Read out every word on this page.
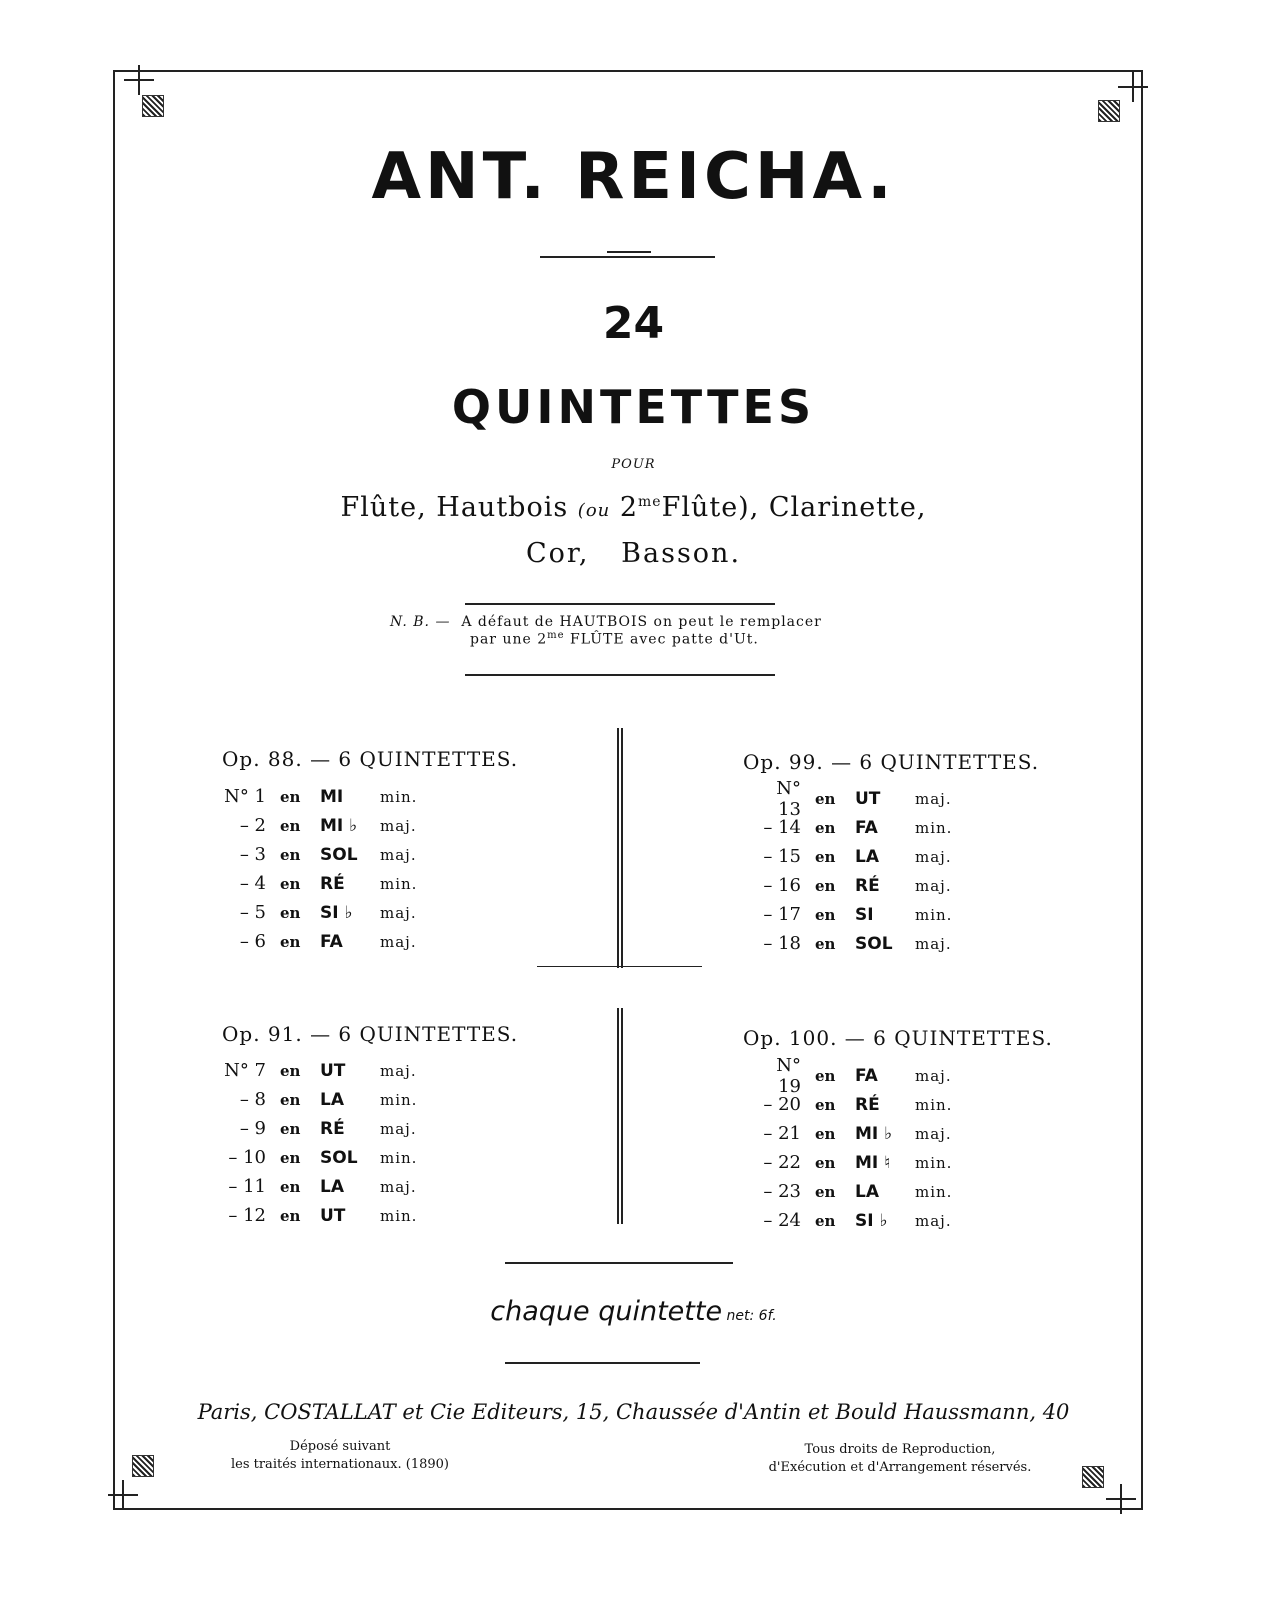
ANT. REICHA.
24
QUINTETTES
POUR
Flûte, Hautbois (ou $2^{me}Flûte$), Clarinette,
Cor,   Basson.
N. B. — A défaut de HAUTBOIS on peut le remplacer
par une $2^{me}$ FLÛTE avec patte d'Ut.
Op. 88. — 6 QUINTETTES.
N° 1 en	MI	min.
– 2 en	MI ♭	maj.
– 3 en	SOL	maj.
– 4 en	RÉ	min.
– 5 en	SI ♭	maj.
– 6 en	FA	maj.
Op. 99. — 6 QUINTETTES.
N° 13 en	UT	maj.
– 14 en	FA	min.
– 15 en	LA	maj.
– 16 en	RÉ	maj.
– 17 en	SI	min.
– 18 en	SOL	maj.
Op. 91. — 6 QUINTETTES.
N° 7 en	UT	maj.
– 8 en	LA	min.
– 9 en	RÉ	maj.
– 10 en	SOL	min.
– 11 en	LA	maj.
– 12 en	UT	min.
Op. 100. — 6 QUINTETTES.
N° 19 en	FA	maj.
– 20 en	RÉ	min.
– 21 en	MI ♭	maj.
– 22 en	MI ♮	min.
– 23 en	LA	min.
– 24 en	SI ♭	maj.
chaque quintette net: 6f.
Paris, COSTALLAT et Cie Editeurs, 15, Chaussée d'Antin et Bould Haussmann, 40
Déposé suivant
les traités internationaux. (1890)
Tous droits de Reproduction,
d'Exécution et d'Arrangement réservés.
